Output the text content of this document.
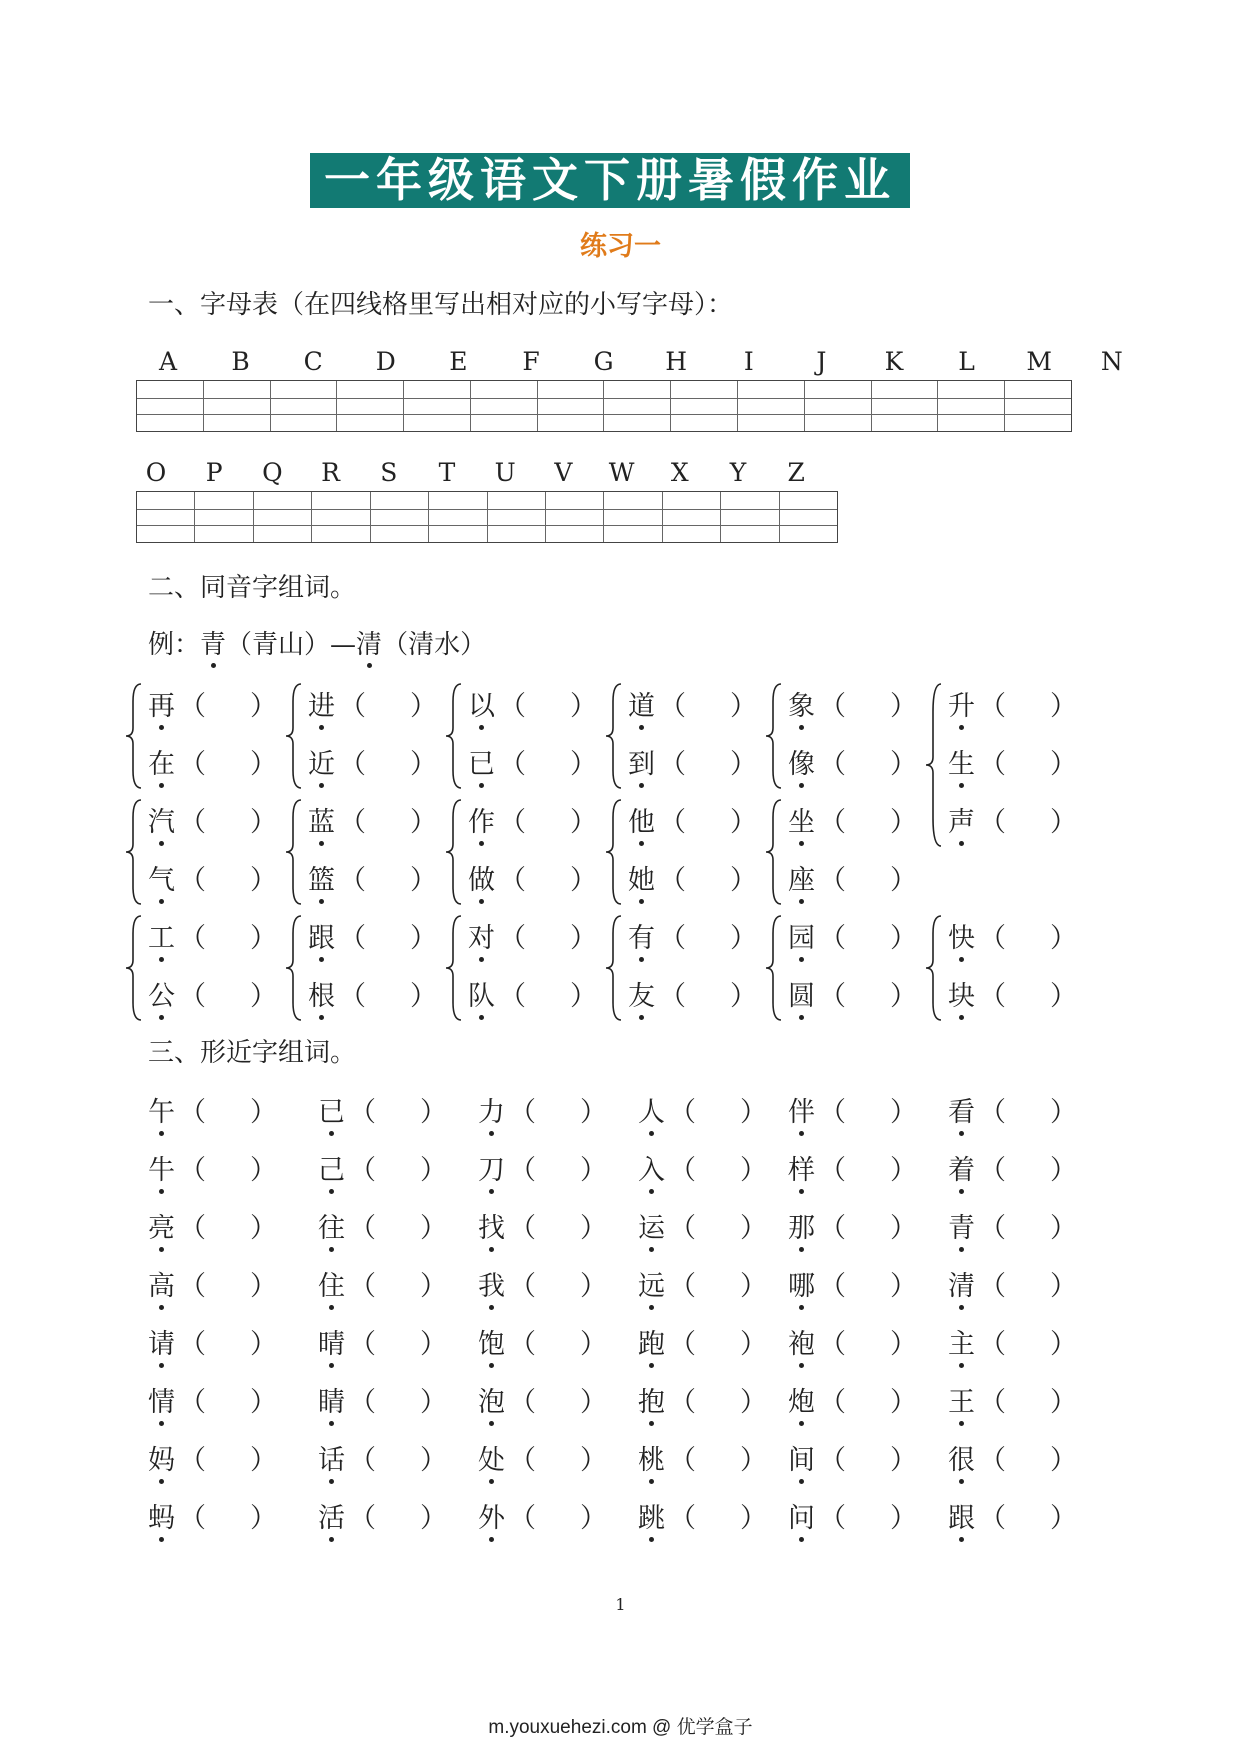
一年级语文下册暑假作业
练习一
一、字母表（在四线格里写出相对应的小写字母）：
A	B	C	D	E	F	G	H	I	J	K	L	M	N
O	P	Q	R	S	T	U	V	W	X	Y	Z
二、同音字组词。
例：青（青山）—清（清水）
再 （ ）
在 （ ）
进 （ ）
近 （ ）
以 （ ）
已 （ ）
道 （ ）
到 （ ）
象 （ ）
像 （ ）
升 （ ）
生 （ ）
声 （ ）
汽 （ ）
气 （ ）
蓝 （ ）
篮 （ ）
作 （ ）
做 （ ）
他 （ ）
她 （ ）
坐 （ ）
座 （ ）
工 （ ）
公 （ ）
跟 （ ）
根 （ ）
对 （ ）
队 （ ）
有 （ ）
友 （ ）
园 （ ）
圆 （ ）
快 （ ）
块 （ ）
三、形近字组词。
午 （ ） 已 （ ） 力 （ ） 人 （ ） 伴 （ ） 看 （ ）
牛 （ ） 己 （ ） 刀 （ ） 入 （ ） 样 （ ） 着 （ ）
亮 （ ） 往 （ ） 找 （ ） 运 （ ） 那 （ ） 青 （ ）
高 （ ） 住 （ ） 我 （ ） 远 （ ） 哪 （ ） 清 （ ）
请 （ ） 晴 （ ） 饱 （ ） 跑 （ ） 袍 （ ） 主 （ ）
情 （ ） 睛 （ ） 泡 （ ） 抱 （ ） 炮 （ ） 王 （ ）
妈 （ ） 话 （ ） 处 （ ） 桃 （ ） 间 （ ） 很 （ ）
蚂 （ ） 活 （ ） 外 （ ） 跳 （ ） 问 （ ） 跟 （ ）
1
m.youxuehezi.com @ 优学盒子
